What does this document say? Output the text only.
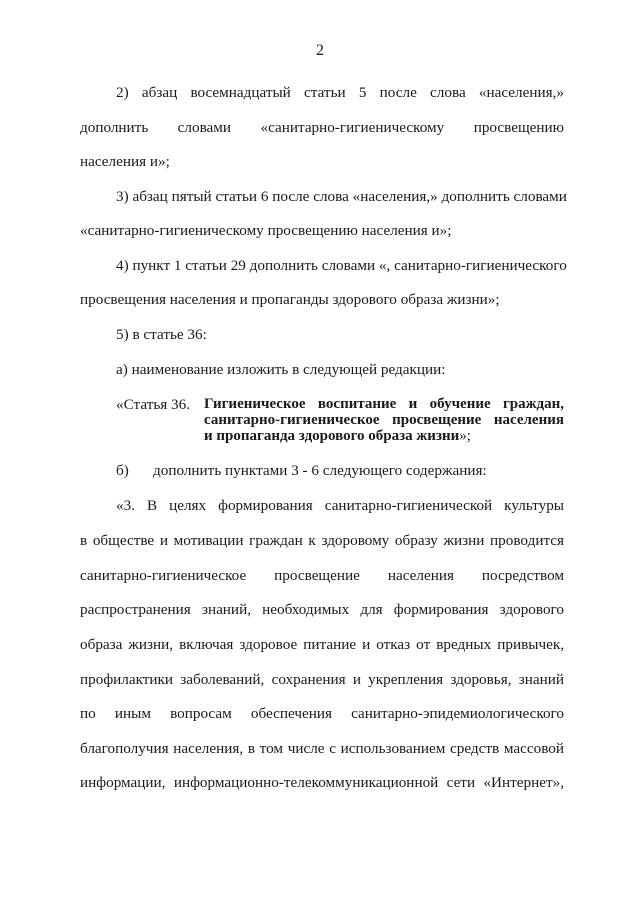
2
2) абзац восемнадцатый статьи 5 после слова «населения,»
дополнить словами «санитарно-гигиеническому просвещению
населения и»;
3) абзац пятый статьи 6 после слова «населения,» дополнить словами
«санитарно-гигиеническому просвещению населения и»;
4) пункт 1 статьи 29 дополнить словами «, санитарно-гигиенического
просвещения населения и пропаганды здорового образа жизни»;
5) в статье 36:
а) наименование изложить в следующей редакции:
«Статья 36. Гигиеническое воспитание и обучение граждан,
санитарно-гигиеническое просвещение населения
и пропаганда здорового образа жизни»;
б) дополнить пунктами 3 - 6 следующего содержания:
«3. В целях формирования санитарно-гигиенической культуры
в обществе и мотивации граждан к здоровому образу жизни проводится
санитарно-гигиеническое просвещение населения посредством
распространения знаний, необходимых для формирования здорового
образа жизни, включая здоровое питание и отказ от вредных привычек,
профилактики заболеваний, сохранения и укрепления здоровья, знаний
по иным вопросам обеспечения санитарно-эпидемиологического
благополучия населения, в том числе с использованием средств массовой
информации, информационно-телекоммуникационной сети «Интернет»,
